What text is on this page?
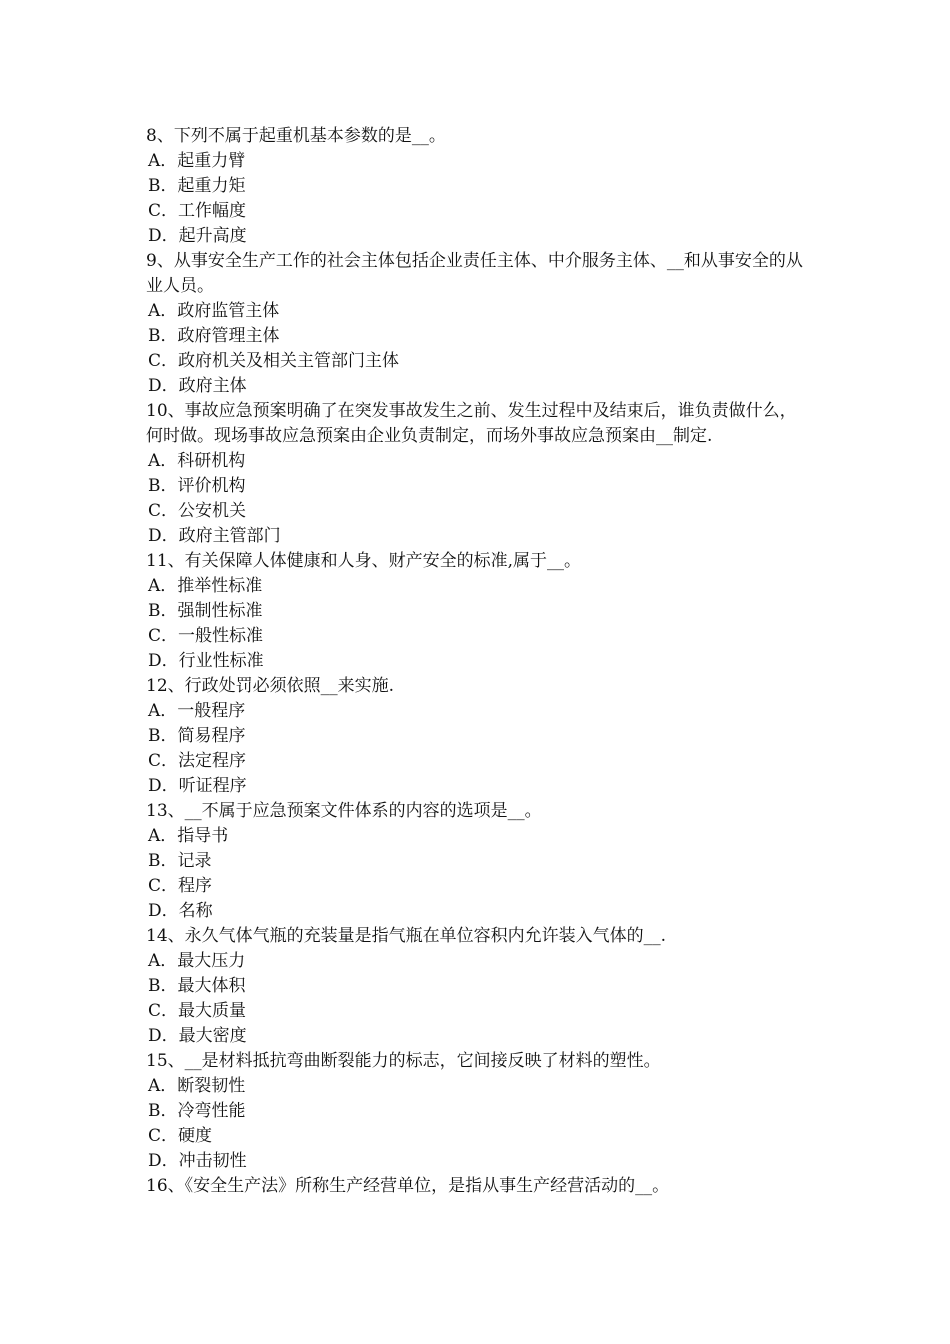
8、下列不属于起重机基本参数的是__。

A．起重力臂

B．起重力矩

C．工作幅度

D．起升高度

9、从事安全生产工作的社会主体包括企业责任主体、中介服务主体、__和从事安全的从业人员。

A．政府监管主体

B．政府管理主体

C．政府机关及相关主管部门主体

D．政府主体

10、事故应急预案明确了在突发事故发生之前、发生过程中及结束后，谁负责做什么，何时做。现场事故应急预案由企业负责制定，而场外事故应急预案由__制定.

A．科研机构

B．评价机构

C．公安机关

D．政府主管部门

11、有关保障人体健康和人身、财产安全的标准,属于__。

A．推举性标准

B．强制性标准

C．一般性标准

D．行业性标准

12、行政处罚必须依照__来实施.

A．一般程序

B．简易程序

C．法定程序

D．听证程序

13、__不属于应急预案文件体系的内容的选项是__。

A．指导书

B．记录

C．程序

D．名称

14、永久气体气瓶的充装量是指气瓶在单位容积内允许装入气体的__.

A．最大压力

B．最大体积

C．最大质量

D．最大密度

15、__是材料抵抗弯曲断裂能力的标志，它间接反映了材料的塑性。

A．断裂韧性

B．冷弯性能

C．硬度

D．冲击韧性

16、《安全生产法》所称生产经营单位，是指从事生产经营活动的__。
